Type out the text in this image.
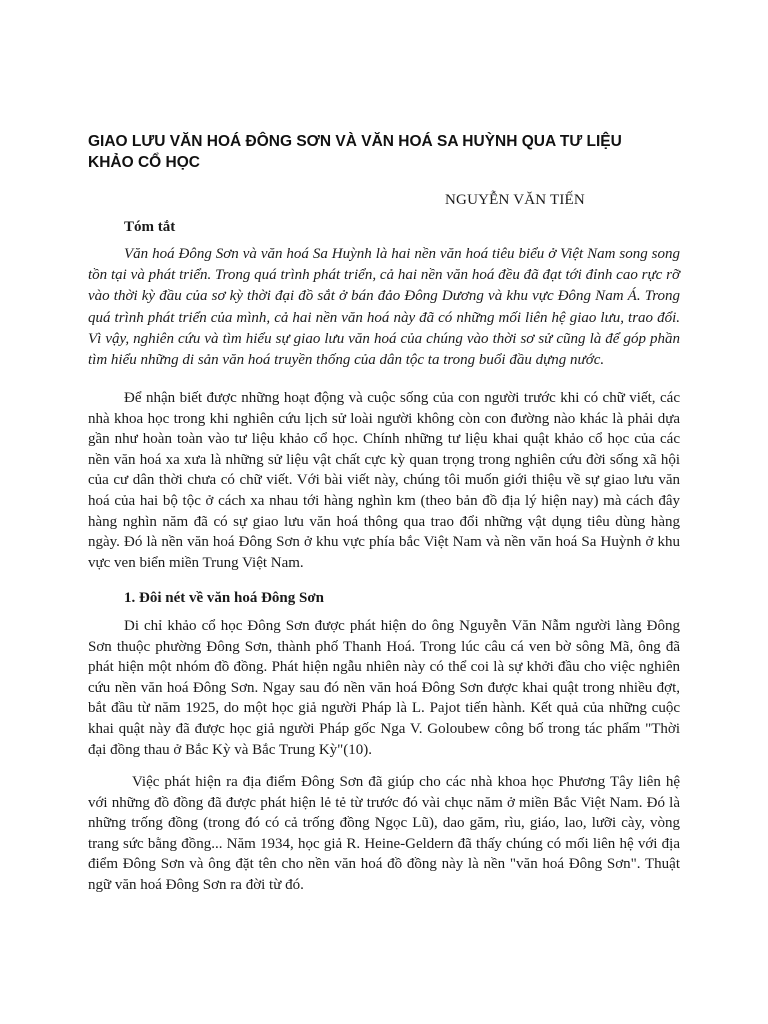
GIAO LƯU VĂN HOÁ ĐÔNG SƠN VÀ VĂN HOÁ SA HUỲNH QUA TƯ LIỆU KHẢO CỔ HỌC

NGUYỄN VĂN TIẾN

Tóm tắt

Văn hoá Đông Sơn và văn hoá Sa Huỳnh là hai nền văn hoá tiêu biểu ở Việt Nam song song tồn tại và phát triển. Trong quá trình phát triển, cả hai nền văn hoá đều đã đạt tới đỉnh cao rực rỡ vào thời kỳ đầu của sơ kỳ thời đại đồ sắt ở bán đảo Đông Dương và khu vực Đông Nam Á. Trong quá trình phát triển của mình, cả hai nền văn hoá này đã có những mối liên hệ giao lưu, trao đổi. Vì vậy, nghiên cứu và tìm hiểu sự giao lưu văn hoá của chúng vào thời sơ sử cũng là để góp phần tìm hiểu những di sản văn hoá truyền thống của dân tộc ta trong buổi đầu dựng nước.

Để nhận biết được những hoạt động và cuộc sống của con người trước khi có chữ viết, các nhà khoa học trong khi nghiên cứu lịch sử loài người không còn con đường nào khác là phải dựa gần như hoàn toàn vào tư liệu khảo cổ học. Chính những tư liệu khai quật khảo cổ học của các nền văn hoá xa xưa là những sử liệu vật chất cực kỳ quan trọng trong nghiên cứu đời sống xã hội của cư dân thời chưa có chữ viết. Với bài viết này, chúng tôi muốn giới thiệu về sự giao lưu văn hoá của hai bộ tộc ở cách xa nhau tới hàng nghìn km (theo bản đồ địa lý hiện nay) mà cách đây hàng nghìn năm đã có sự giao lưu văn hoá thông qua trao đổi những vật dụng tiêu dùng hàng ngày. Đó là nền văn hoá Đông Sơn ở khu vực phía bắc Việt Nam và nền văn hoá Sa Huỳnh ở khu vực ven biển miền Trung Việt Nam.

1. Đôi nét về văn hoá Đông Sơn

Di chỉ khảo cổ học Đông Sơn được phát hiện do ông Nguyễn Văn Nẫm người làng Đông Sơn thuộc phường Đông Sơn, thành phố Thanh Hoá. Trong lúc câu cá ven bờ sông Mã, ông đã phát hiện một nhóm đồ đồng. Phát hiện ngẫu nhiên này có thể coi là sự khởi đầu cho việc nghiên cứu nền văn hoá Đông Sơn. Ngay sau đó nền văn hoá Đông Sơn được khai quật trong nhiều đợt, bắt đầu từ năm 1925, do một học giả người Pháp là L. Pajot tiến hành. Kết quả của những cuộc khai quật này đã được học giả người Pháp gốc Nga V. Goloubew công bố trong tác phẩm "Thời đại đồng thau ở Bắc Kỳ và Bắc Trung Kỳ"(10).

Việc phát hiện ra địa điểm Đông Sơn đã giúp cho các nhà khoa học Phương Tây liên hệ với những đồ đồng đã được phát hiện lẻ tẻ từ trước đó vài chục năm ở miền Bắc Việt Nam. Đó là những trống đồng (trong đó có cả trống đồng Ngọc Lũ), dao găm, rìu, giáo, lao, lưỡi cày, vòng trang sức bằng đồng... Năm 1934, học giả R. Heine-Geldern đã thấy chúng có mối liên hệ với địa điểm Đông Sơn và ông đặt tên cho nền văn hoá đồ đồng này là nền "văn hoá Đông Sơn". Thuật ngữ văn hoá Đông Sơn ra đời từ đó.
